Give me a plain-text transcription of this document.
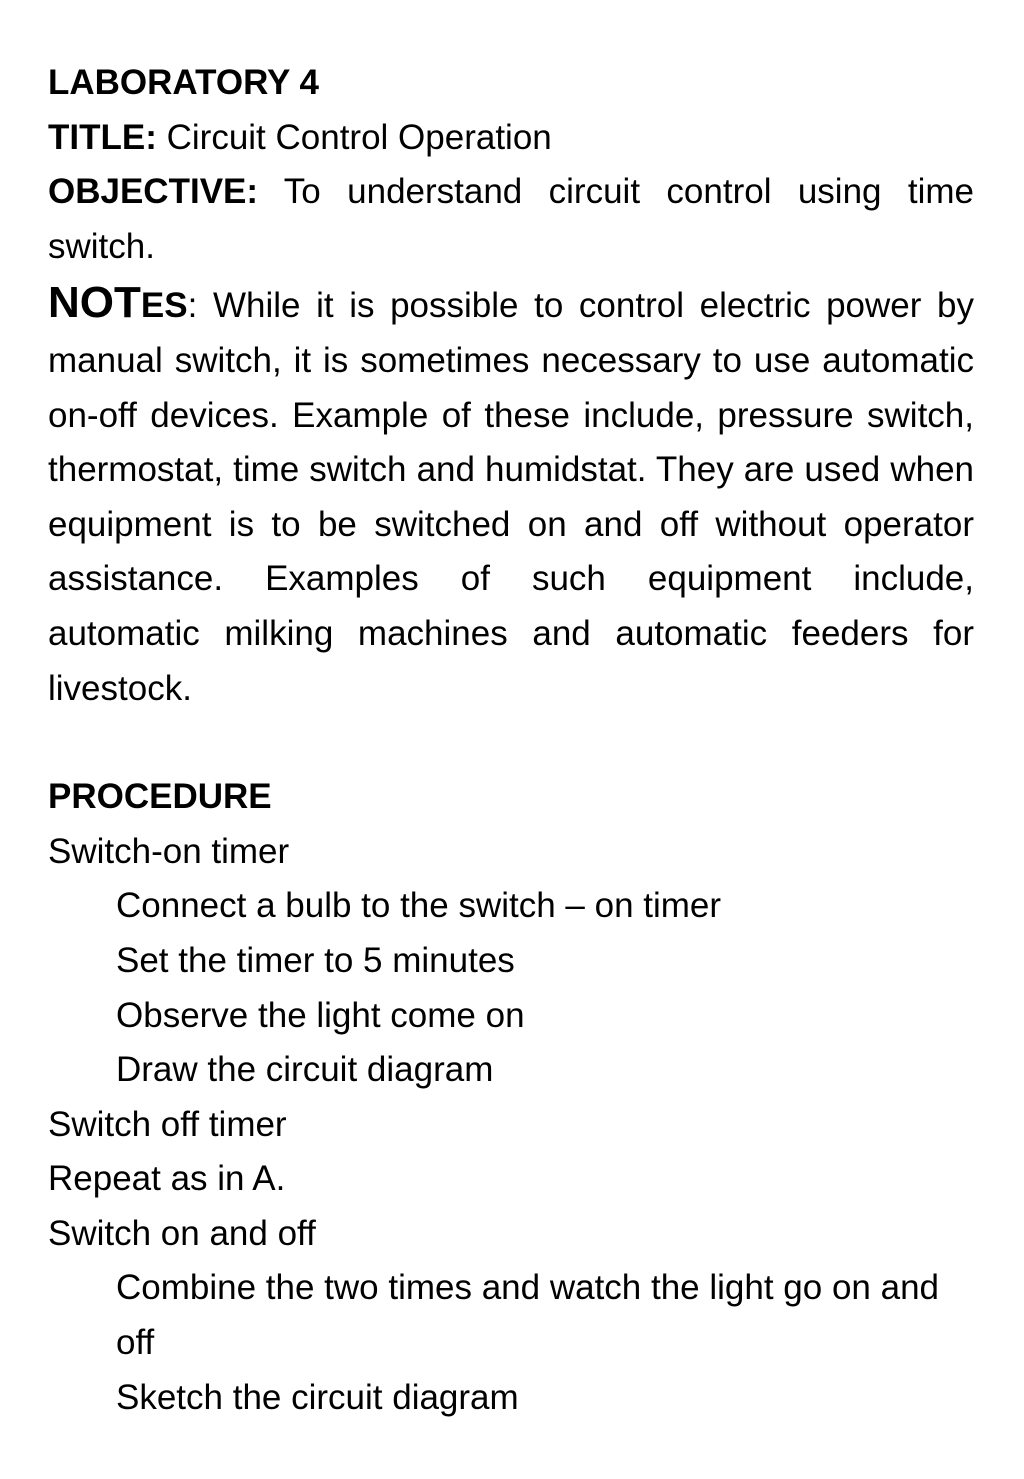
LABORATORY 4
TITLE: Circuit Control Operation
OBJECTIVE: To understand circuit control using time switch.
NOTES: While it is possible to control electric power by manual switch, it is sometimes necessary to use automatic on-off devices. Example of these include, pressure switch, thermostat, time switch and humidstat. They are used when equipment is to be switched on and off without operator assistance. Examples of such equipment include, automatic milking machines and automatic feeders for livestock.
PROCEDURE
Switch-on timer
Connect a bulb to the switch – on timer
Set the timer to 5 minutes
Observe the light come on
Draw the circuit diagram
Switch off timer
Repeat as in A.
Switch on and off
Combine the two times and watch the light go on and off
Sketch the circuit diagram
